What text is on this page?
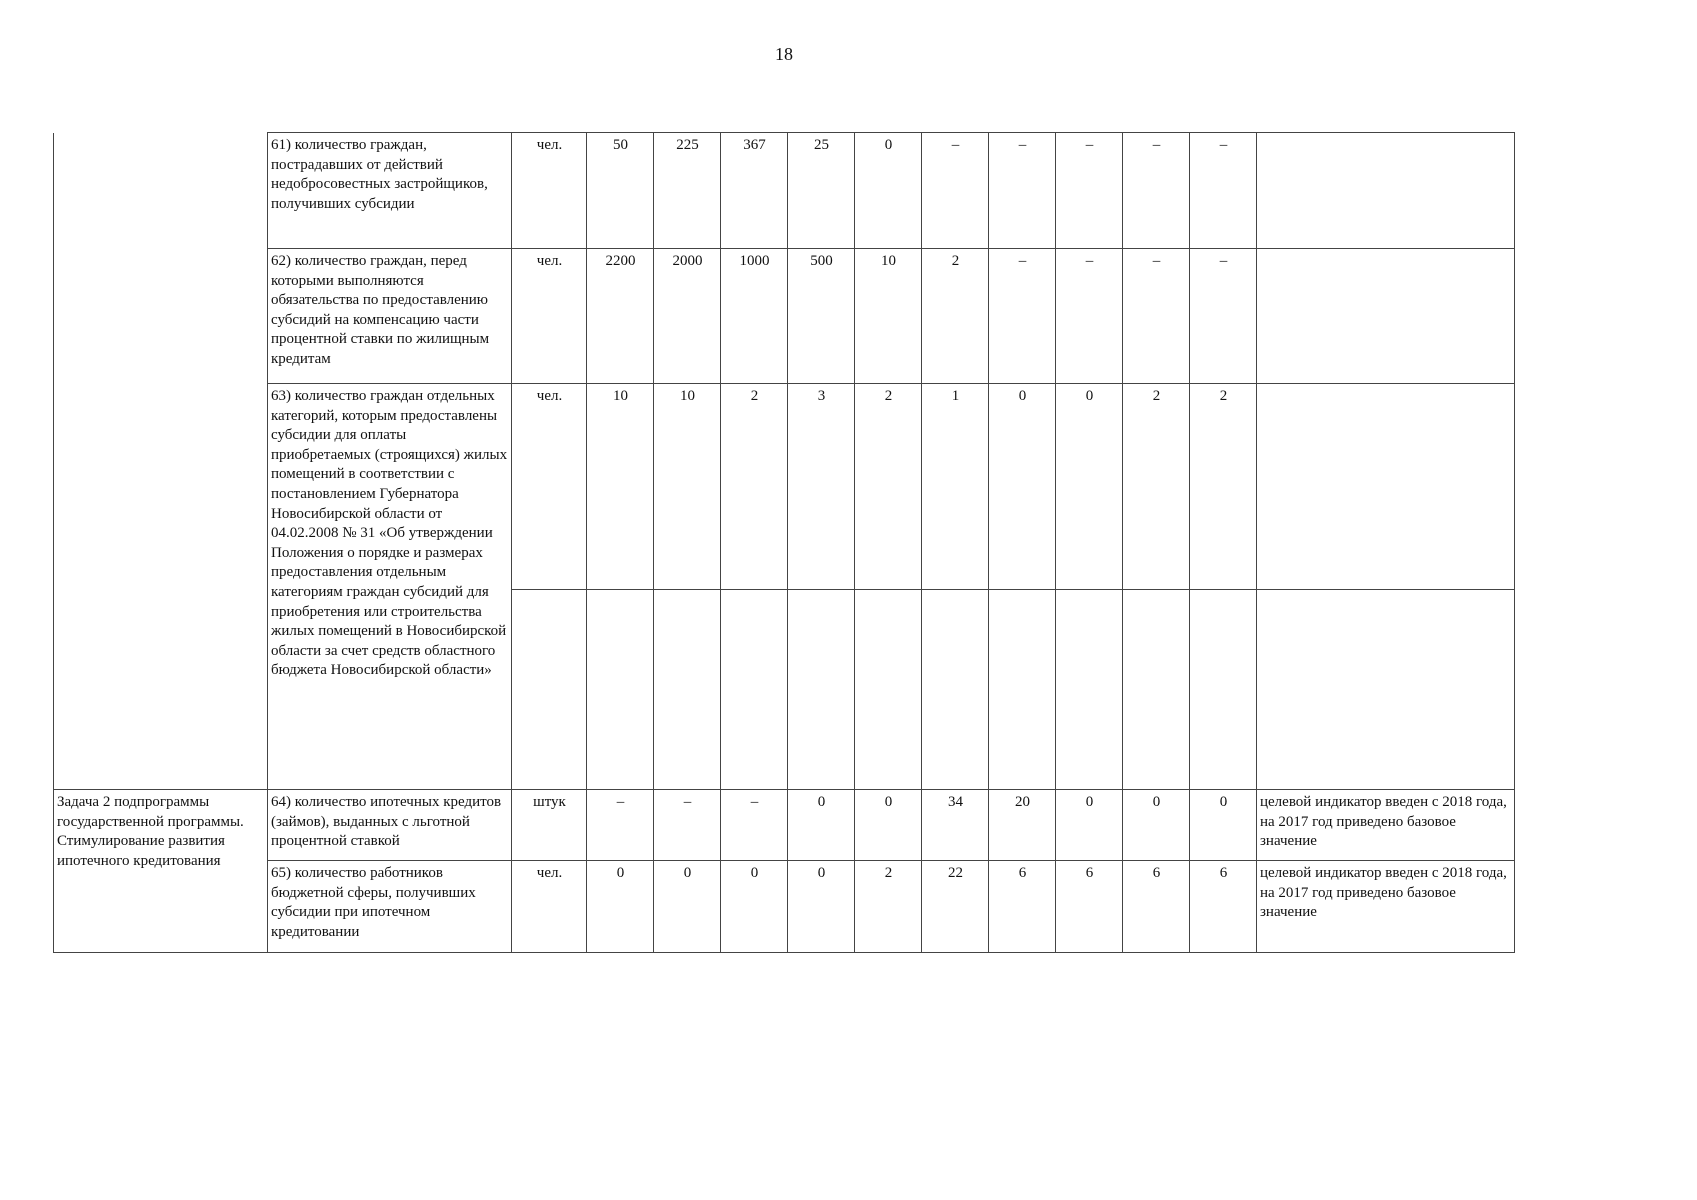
18
	61) количество граждан, пострадавших от действий недобросовестных застройщиков, получивших субсидии	чел.	50	225	367	25	0	–	–	–	–	–	
	62) количество граждан, перед которыми выполняются обязательства по предоставлению субсидий на компенсацию части процентной ставки по жилищным кредитам	чел.	2200	2000	1000	500	10	2	–	–	–	–	
	63) количество граждан отдельных категорий, которым предоставлены субсидии для оплаты приобретаемых (строящихся) жилых помещений в соответствии с постановлением Губернатора Новосибирской области от 04.02.2008 № 31 «Об утверждении Положения о порядке и размерах предоставления отдельным категориям граждан субсидий для приобретения или строительства жилых помещений в Новосибирской области за счет средств областного бюджета Новосибирской области»	чел.	10	10	2	3	2	1	0	0	2	2	

Задача 2 подпрограммы государственной программы. Стимулирование развития ипотечного кредитования	64) количество ипотечных кредитов (займов), выданных с льготной процентной ставкой	штук	–	–	–	0	0	34	20	0	0	0	целевой индикатор введен с 2018 года, на 2017 год приведено базовое значение
	65) количество работников бюджетной сферы, получивших субсидии при ипотечном кредитовании	чел.	0	0	0	0	2	22	6	6	6	6	целевой индикатор введен с 2018 года, на 2017 год приведено базовое значение
